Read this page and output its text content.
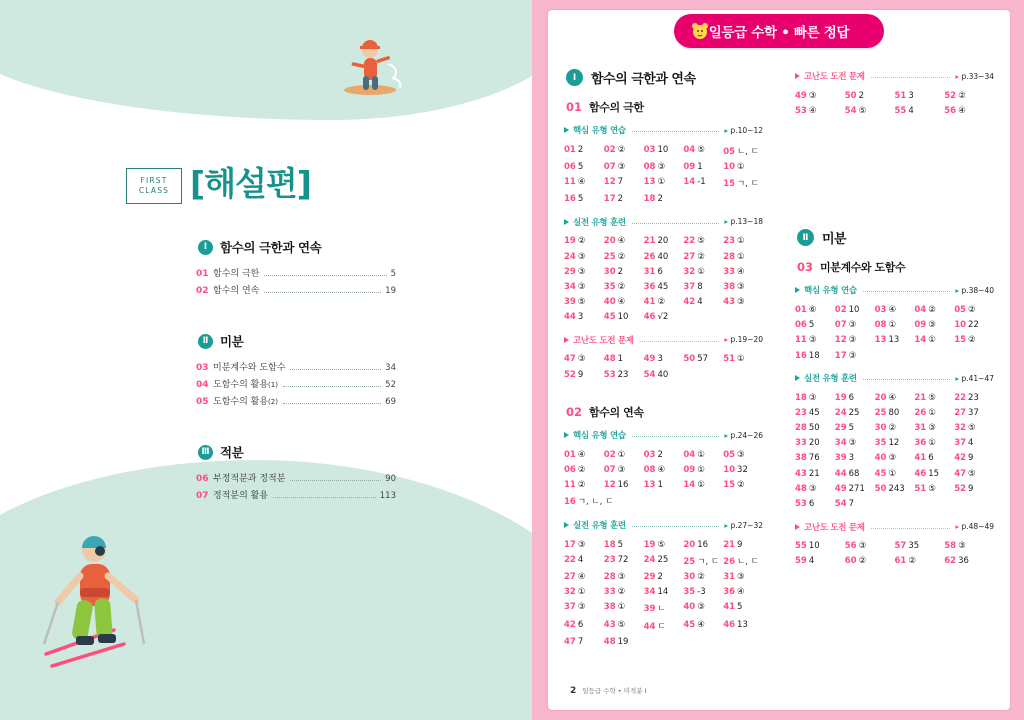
FIRST
CLASS [해설편]
Ⅰ	함수의 극한과 연속
01 함수의 극한	5
02 함수의 연속	19
Ⅱ 미분
03 미분계수와 도함수	34
04 도함수의 활용 (1)	52
05 도함수의 활용 (2)	69
Ⅲ 적분
06 부정적분과 정적분	90
07 정적분의 활용	113
일등급 수학 • 빠른 정답
Ⅰ	함수의 극한과 연속
01 함수의 극한
핵심 유형 연습	▸ p.10~12
01 2	02 ②	03 10	04 ⑤	05 ㄴ, ㄷ
06 5	07 ③	08 ③	09 1	10 ①
11 ④	12 7	13 ①	14 -1	15 ㄱ, ㄷ
16 5	17 2	18 2
실전 유형 훈련	▸ p.13~18
19 ②	20 ④	21 20	22 ⑤	23 ①
24 ③	25 ②	26 40	27 ②	28 ①
29 ③	30 2	31 6	32 ①	33 ④
34 ③	35 ②	36 45	37 8	38 ③
39 ⑤	40 ④	41 ②	42 4	43 ③
44 3	45 10	46 √2
고난도 도전 문제	▸ p.19~20
47 ③	48 1	49 3	50 57	51 ①
52 9	53 23	54 40
02 함수의 연속
핵심 유형 연습	▸ p.24~26
01 ④	02 ①	03 2	04 ①	05 ③
06 ②	07 ③	08 ④	09 ①	10 32
11 ②	12 16	13 1	14 ①	15 ②
16 ㄱ, ㄴ, ㄷ
실전 유형 훈련	▸ p.27~32
17 ③	18 5	19 ⑤	20 16	21 9
22 4	23 72	24 25	25 ㄱ, ㄷ 26 ㄴ, ㄷ
27 ④	28 ③	29 2	30 ②	31 ③
32 ①	33 ②	34 14	35 -3	36 ④
37 ③	38 ①	39 ㄴ	40 ③	41 5
42 6	43 ⑤	44 ㄷ	45 ④	46 13
47 7	48 19
고난도 도전 문제	▸ p.33~34
49 ③	50 2	51 3	52 ②
53 ④	54 ⑤	55 4	56 ④
Ⅱ	미분
03 미분계수와 도함수
핵심 유형 연습	▸ p.38~40
01 ⑥	02 10	03 ④	04 ②	05 ②
06 5	07 ③	08 ①	09 ③	10 22
11 ③	12 ③	13 13	14 ①	15 ②
16 18	17 ③
실전 유형 훈련	▸ p.41~47
18 ③	19 6	20 ④	21 ⑤	22 23
23 45	24 25	25 80	26 ①	27 37
28 50	29 5	30 ②	31 ③	32 ⑤
33 20	34 ③	35 12	36 ①	37 4
38 76	39 3	40 ③	41 6	42 9
43 21	44 68	45 ①	46 15	47 ⑤
48 ③	49 271	50 243	51 ⑤	52 9
53 6	54 7
고난도 도전 문제	▸ p.48~49
55 10	56 ③	57 35	58 ③
59 4	60 ②	61 ②	62 36
2 일등급 수학 • 미적분 Ⅰ
